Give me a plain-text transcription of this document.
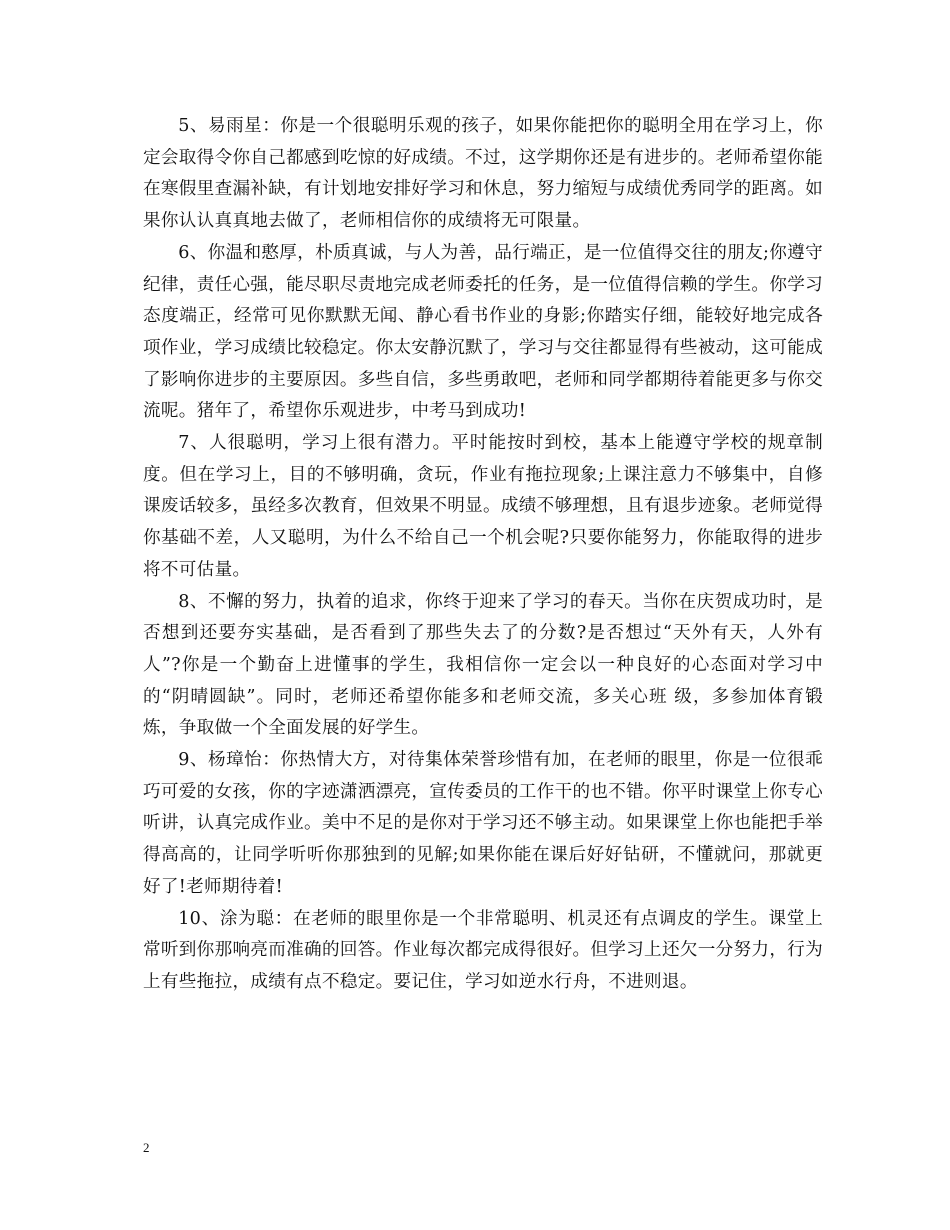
5、易雨星：你是一个很聪明乐观的孩子，如果你能把你的聪明全用在学习上，你定会取得令你自己都感到吃惊的好成绩。不过，这学期你还是有进步的。老师希望你能在寒假里查漏补缺，有计划地安排好学习和休息，努力缩短与成绩优秀同学的距离。如果你认认真真地去做了，老师相信你的成绩将无可限量。

6、你温和憨厚，朴质真诚，与人为善，品行端正，是一位值得交往的朋友;你遵守纪律，责任心强，能尽职尽责地完成老师委托的任务，是一位值得信赖的学生。你学习态度端正，经常可见你默默无闻、静心看书作业的身影;你踏实仔细，能较好地完成各项作业，学习成绩比较稳定。你太安静沉默了，学习与交往都显得有些被动，这可能成了影响你进步的主要原因。多些自信，多些勇敢吧，老师和同学都期待着能更多与你交流呢。猪年了，希望你乐观进步，中考马到成功!

7、人很聪明，学习上很有潜力。平时能按时到校，基本上能遵守学校的规章制度。但在学习上，目的不够明确，贪玩，作业有拖拉现象;上课注意力不够集中，自修课废话较多，虽经多次教育，但效果不明显。成绩不够理想，且有退步迹象。老师觉得你基础不差，人又聪明，为什么不给自己一个机会呢?只要你能努力，你能取得的进步将不可估量。

8、不懈的努力，执着的追求，你终于迎来了学习的春天。当你在庆贺成功时，是否想到还要夯实基础，是否看到了那些失去了的分数?是否想过“天外有天，人外有人”?你是一个勤奋上进懂事的学生，我相信你一定会以一种良好的心态面对学习中的“阴晴圆缺”。同时，老师还希望你能多和老师交流，多关心班 级，多参加体育锻炼，争取做一个全面发展的好学生。

9、杨璋怡：你热情大方，对待集体荣誉珍惜有加，在老师的眼里，你是一位很乖巧可爱的女孩，你的字迹潇洒漂亮，宣传委员的工作干的也不错。你平时课堂上你专心听讲，认真完成作业。美中不足的是你对于学习还不够主动。如果课堂上你也能把手举得高高的，让同学听听你那独到的见解;如果你能在课后好好钻研，不懂就问，那就更好了!老师期待着!

10、涂为聪：在老师的眼里你是一个非常聪明、机灵还有点调皮的学生。课堂上常听到你那响亮而准确的回答。作业每次都完成得很好。但学习上还欠一分努力，行为上有些拖拉，成绩有点不稳定。要记住，学习如逆水行舟，不进则退。

2
